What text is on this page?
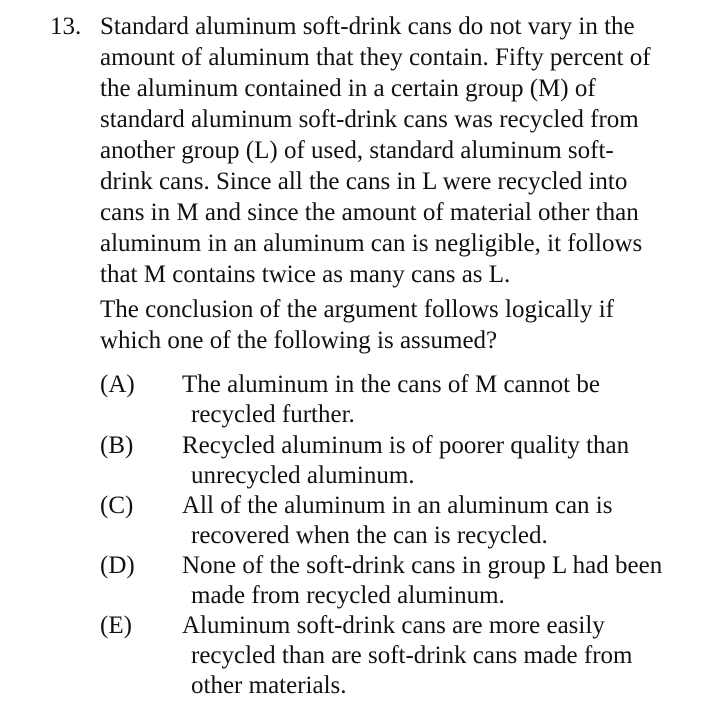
13. Standard aluminum soft-drink cans do not vary in the
amount of aluminum that they contain. Fifty percent of
the aluminum contained in a certain group (M) of
standard aluminum soft-drink cans was recycled from
another group (L) of used, standard aluminum soft-
drink cans. Since all the cans in L were recycled into
cans in M and since the amount of material other than
aluminum in an aluminum can is negligible, it follows
that M contains twice as many cans as L.

The conclusion of the argument follows logically if
which one of the following is assumed?

(A) The aluminum in the cans of M cannot be
recycled further.
(B) Recycled aluminum is of poorer quality than
unrecycled aluminum.
(C) All of the aluminum in an aluminum can is
recovered when the can is recycled.
(D) None of the soft-drink cans in group L had been
made from recycled aluminum.
(E) Aluminum soft-drink cans are more easily
recycled than are soft-drink cans made from
other materials.
